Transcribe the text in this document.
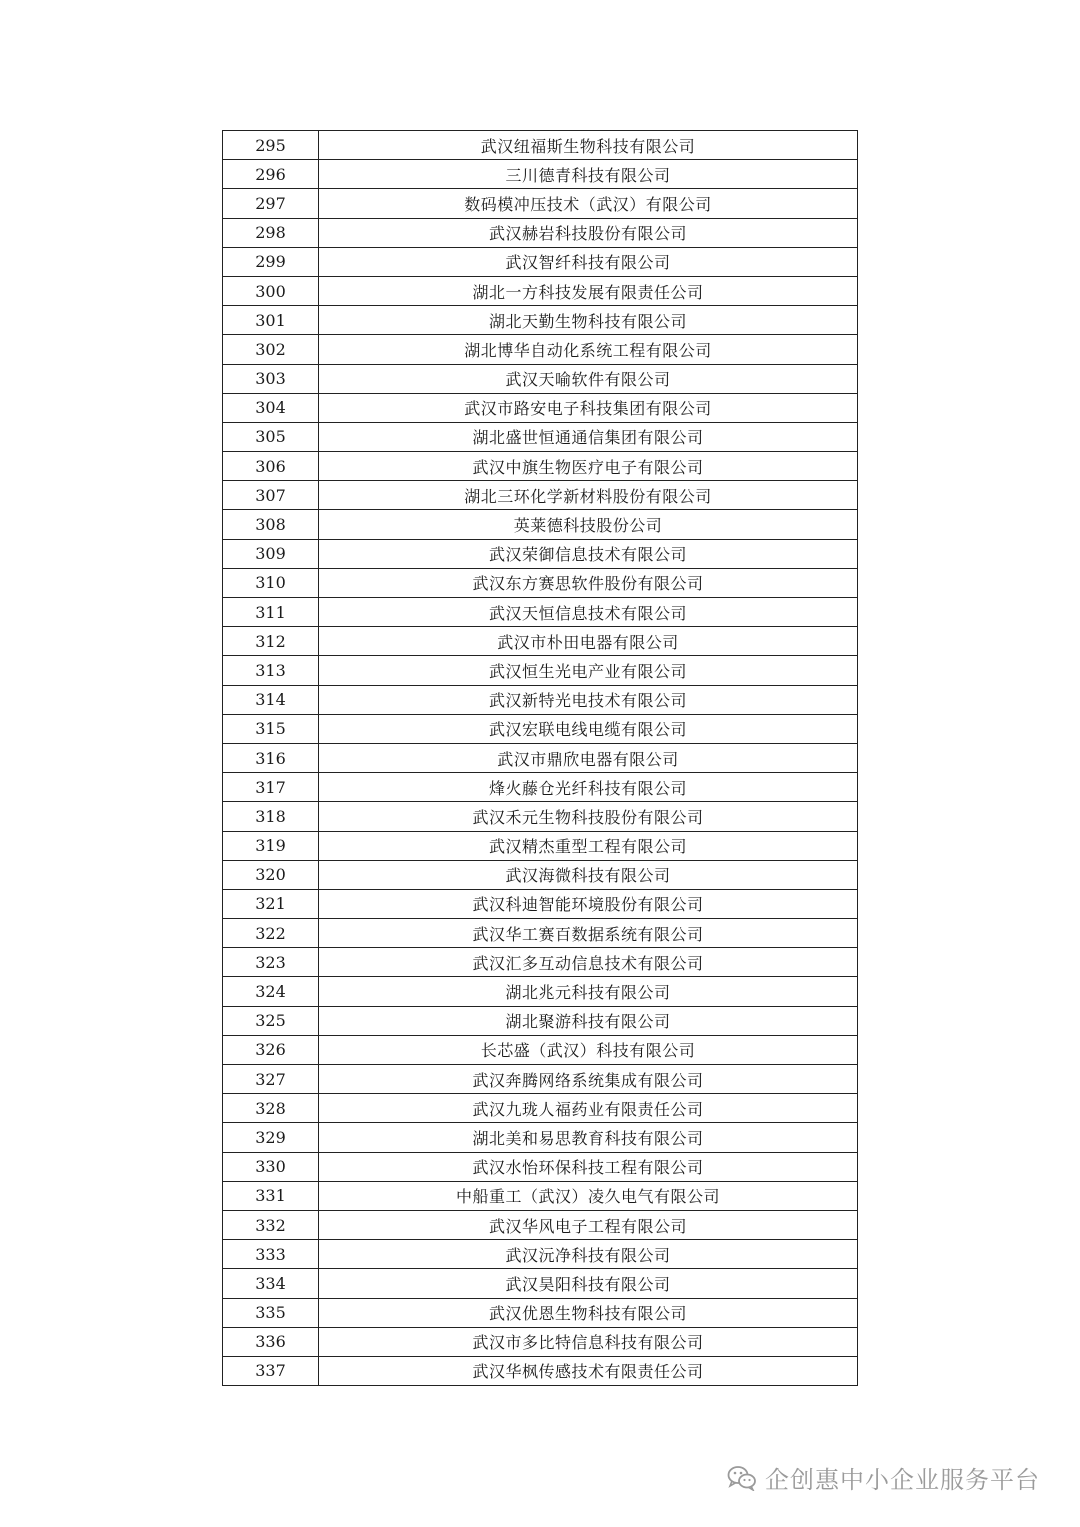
295	武汉纽福斯生物科技有限公司
296	三川德青科技有限公司
297	数码模冲压技术（武汉）有限公司
298	武汉赫岩科技股份有限公司
299	武汉智纤科技有限公司
300	湖北一方科技发展有限责任公司
301	湖北天勤生物科技有限公司
302	湖北博华自动化系统工程有限公司
303	武汉天喻软件有限公司
304	武汉市路安电子科技集团有限公司
305	湖北盛世恒通通信集团有限公司
306	武汉中旗生物医疗电子有限公司
307	湖北三环化学新材料股份有限公司
308	英莱德科技股份公司
309	武汉荣御信息技术有限公司
310	武汉东方赛思软件股份有限公司
311	武汉天恒信息技术有限公司
312	武汉市朴田电器有限公司
313	武汉恒生光电产业有限公司
314	武汉新特光电技术有限公司
315	武汉宏联电线电缆有限公司
316	武汉市鼎欣电器有限公司
317	烽火藤仓光纤科技有限公司
318	武汉禾元生物科技股份有限公司
319	武汉精杰重型工程有限公司
320	武汉海微科技有限公司
321	武汉科迪智能环境股份有限公司
322	武汉华工赛百数据系统有限公司
323	武汉汇多互动信息技术有限公司
324	湖北兆元科技有限公司
325	湖北聚游科技有限公司
326	长芯盛（武汉）科技有限公司
327	武汉奔腾网络系统集成有限公司
328	武汉九珑人福药业有限责任公司
329	湖北美和易思教育科技有限公司
330	武汉水怡环保科技工程有限公司
331	中船重工（武汉）凌久电气有限公司
332	武汉华风电子工程有限公司
333	武汉沅净科技有限公司
334	武汉昊阳科技有限公司
335	武汉优恩生物科技有限公司
336	武汉市多比特信息科技有限公司
337	武汉华枫传感技术有限责任公司
企创惠中小企业服务平台
